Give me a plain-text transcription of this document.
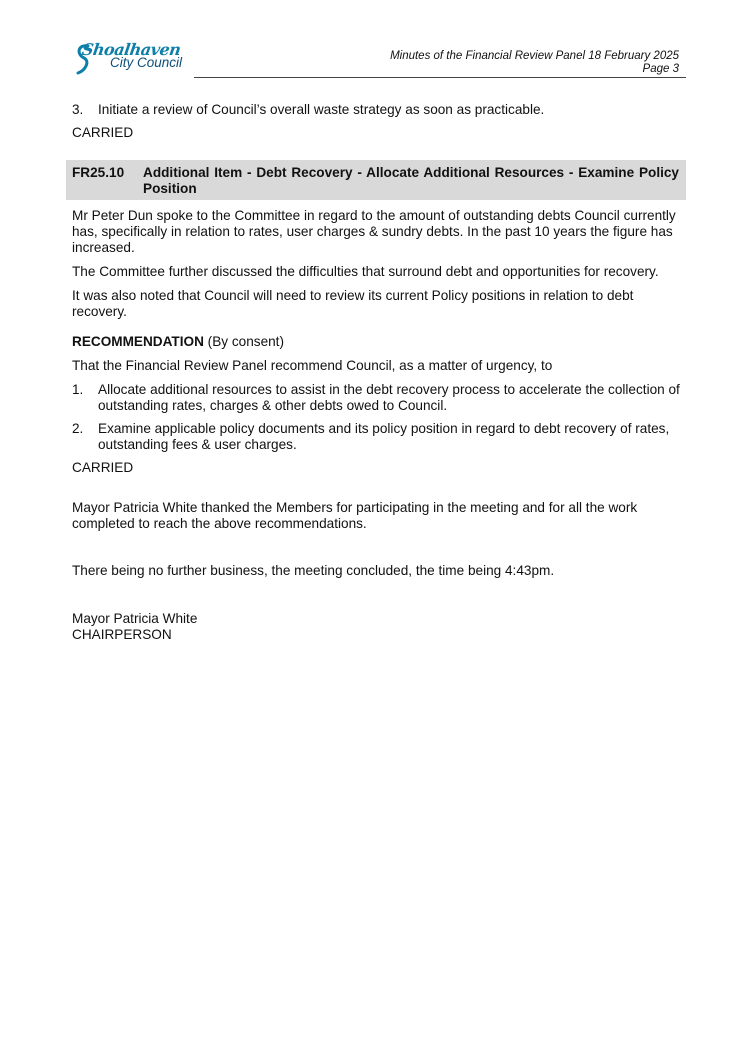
Shoalhaven
City Council	Minutes of the Financial Review Panel 18 February 2025
Page 3
3. Initiate a review of Council’s overall waste strategy as soon as practicable.

CARRIED

FR25.10 Additional Item - Debt Recovery - Allocate Additional Resources - Examine Policy Position

Mr Peter Dun spoke to the Committee in regard to the amount of outstanding debts Council currently has, specifically in relation to rates, user charges & sundry debts. In the past 10 years the figure has increased.

The Committee further discussed the difficulties that surround debt and opportunities for recovery.

It was also noted that Council will need to review its current Policy positions in relation to debt recovery.

RECOMMENDATION (By consent)

That the Financial Review Panel recommend Council, as a matter of urgency, to

1. Allocate additional resources to assist in the debt recovery process to accelerate the collection of outstanding rates, charges & other debts owed to Council.
2. Examine applicable policy documents and its policy position in regard to debt recovery of rates, outstanding fees & user charges.

CARRIED

Mayor Patricia White thanked the Members for participating in the meeting and for all the work completed to reach the above recommendations.

There being no further business, the meeting concluded, the time being 4:43pm.

Mayor Patricia White

CHAIRPERSON
